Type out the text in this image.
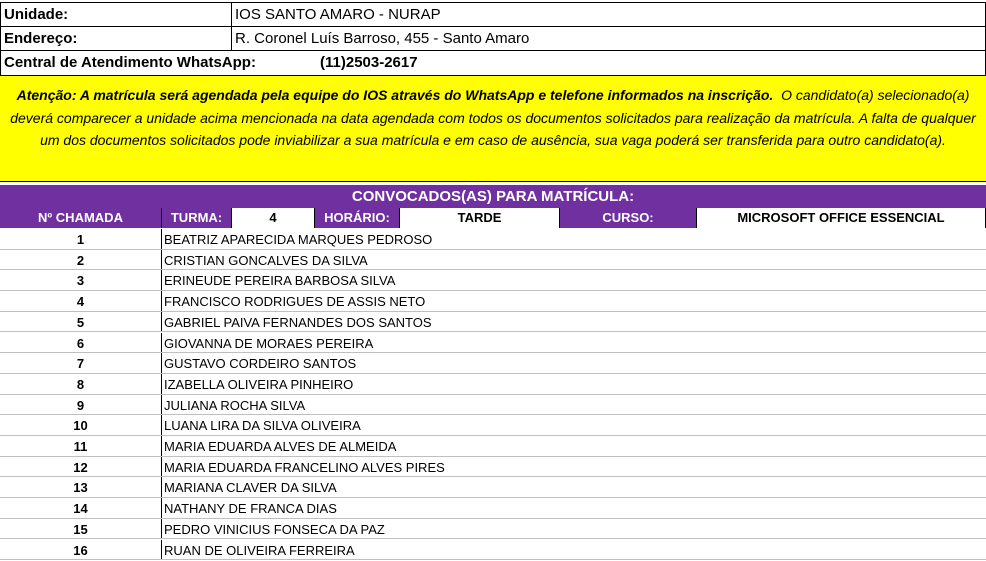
Unidade:	IOS SANTO AMARO - NURAP
Endereço:	R. Coronel Luís Barroso, 455 - Santo Amaro
Central de Atendimento WhatsApp:	(11)2503-2617
Atenção: A matrícula será agendada pela equipe do IOS através do WhatsApp e telefone informados na inscrição. O candidato(a) selecionado(a) deverá comparecer a unidade acima mencionada na data agendada com todos os documentos solicitados para realização da matrícula. A falta de qualquer um dos documentos solicitados pode inviabilizar a sua matrícula e em caso de ausência, sua vaga poderá ser transferida para outro candidato(a).
CONVOCADOS(AS) PARA MATRÍCULA:
Nº CHAMADA	TURMA:	4	HORÁRIO:	TARDE	CURSO:	MICROSOFT OFFICE ESSENCIAL
1	BEATRIZ APARECIDA MARQUES PEDROSO
2	CRISTIAN GONCALVES DA SILVA
3	ERINEUDE PEREIRA BARBOSA SILVA
4	FRANCISCO RODRIGUES DE ASSIS NETO
5	GABRIEL PAIVA FERNANDES DOS SANTOS
6	GIOVANNA DE MORAES PEREIRA
7	GUSTAVO CORDEIRO SANTOS
8	IZABELLA OLIVEIRA PINHEIRO
9	JULIANA ROCHA SILVA
10	LUANA LIRA DA SILVA OLIVEIRA
11	MARIA EDUARDA ALVES DE ALMEIDA
12	MARIA EDUARDA FRANCELINO ALVES PIRES
13	MARIANA CLAVER DA SILVA
14	NATHANY DE FRANCA DIAS
15	PEDRO VINICIUS FONSECA DA PAZ
16	RUAN DE OLIVEIRA FERREIRA
